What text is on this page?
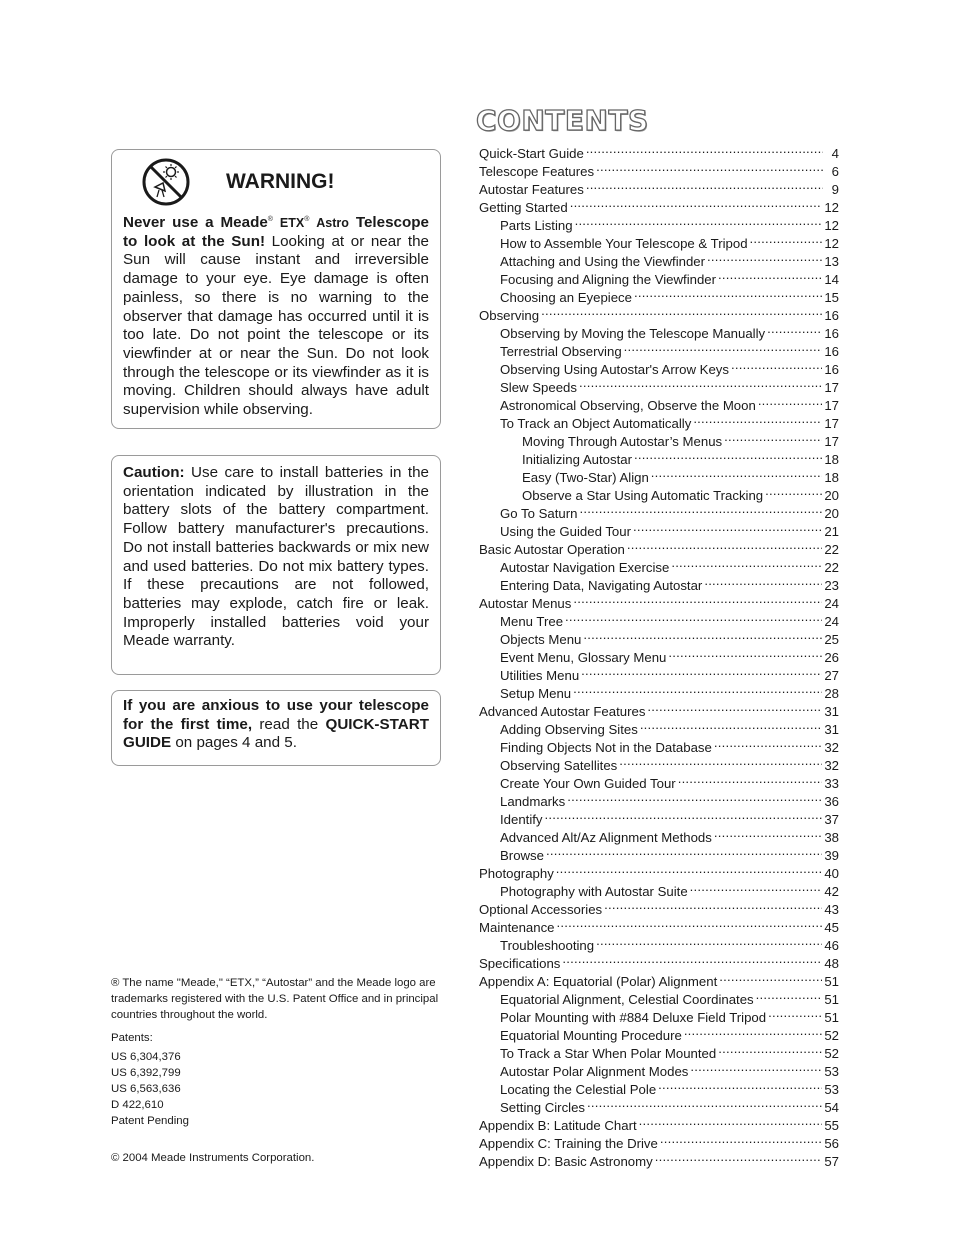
WARNING!
Never use a Meade® ETX® Astro Telescope to look at the Sun! Looking at or near the Sun will cause instant and irreversible damage to your eye. Eye damage is often painless, so there is no warning to the observer that damage has occurred until it is too late. Do not point the telescope or its viewfinder at or near the Sun. Do not look through the telescope or its viewfinder as it is moving. Children should always have adult supervision while observing.
Caution: Use care to install batteries in the orientation indicated by illustration in the battery slots of the battery compartment. Follow battery manufacturer's precautions. Do not install batteries backwards or mix new and used batteries. Do not mix battery types. If these precautions are not followed, batteries may explode, catch fire or leak. Improperly installed batteries void your Meade warranty.
If you are anxious to use your telescope for the first time, read the QUICK-START GUIDE on pages 4 and 5.
® The name "Meade," “ETX,” “Autostar” and the Meade logo are trademarks registered with the U.S. Patent Office and in principal countries throughout the world.
Patents:
US 6,304,376
US 6,392,799
US 6,563,636
D 422,610
Patent Pending
© 2004 Meade Instruments Corporation.
CONTENTS
Quick-Start Guide .....	4
Telescope Features .....	6
Autostar Features .....	9
Getting Started .....	12
Parts Listing .....	12
How to Assemble Your Telescope & Tripod .....	12
Attaching and Using the Viewfinder .....	13
Focusing and Aligning the Viewfinder .....	14
Choosing an Eyepiece .....	15
Observing .....	16
Observing by Moving the Telescope Manually .....	16
Terrestrial Observing .....	16
Observing Using Autostar's Arrow Keys .....	16
Slew Speeds .....	17
Astronomical Observing, Observe the Moon .....	17
To Track an Object Automatically .....	17
Moving Through Autostar’s Menus .....	17
Initializing Autostar .....	18
Easy (Two-Star) Align .....	18
Observe a Star Using Automatic Tracking .....	20
Go To Saturn .....	20
Using the Guided Tour .....	21
Basic Autostar Operation .....	22
Autostar Navigation Exercise .....	22
Entering Data, Navigating Autostar .....	23
Autostar Menus .....	24
Menu Tree .....	24
Objects Menu .....	25
Event Menu, Glossary Menu .....	26
Utilities Menu .....	27
Setup Menu .....	28
Advanced Autostar Features .....	31
Adding Observing Sites .....	31
Finding Objects Not in the Database .....	32
Observing Satellites .....	32
Create Your Own Guided Tour .....	33
Landmarks .....	36
Identify .....	37
Advanced Alt/Az Alignment Methods .....	38
Browse .....	39
Photography .....	40
Photography with Autostar Suite .....	42
Optional Accessories .....	43
Maintenance .....	45
Troubleshooting .....	46
Specifications .....	48
Appendix A: Equatorial (Polar) Alignment .....	51
Equatorial Alignment, Celestial Coordinates .....	51
Polar Mounting with #884 Deluxe Field Tripod .....	51
Equatorial Mounting Procedure .....	52
To Track a Star When Polar Mounted .....	52
Autostar Polar Alignment Modes .....	53
Locating the Celestial Pole .....	53
Setting Circles .....	54
Appendix B: Latitude Chart .....	55
Appendix C: Training the Drive .....	56
Appendix D: Basic Astronomy .....	57
